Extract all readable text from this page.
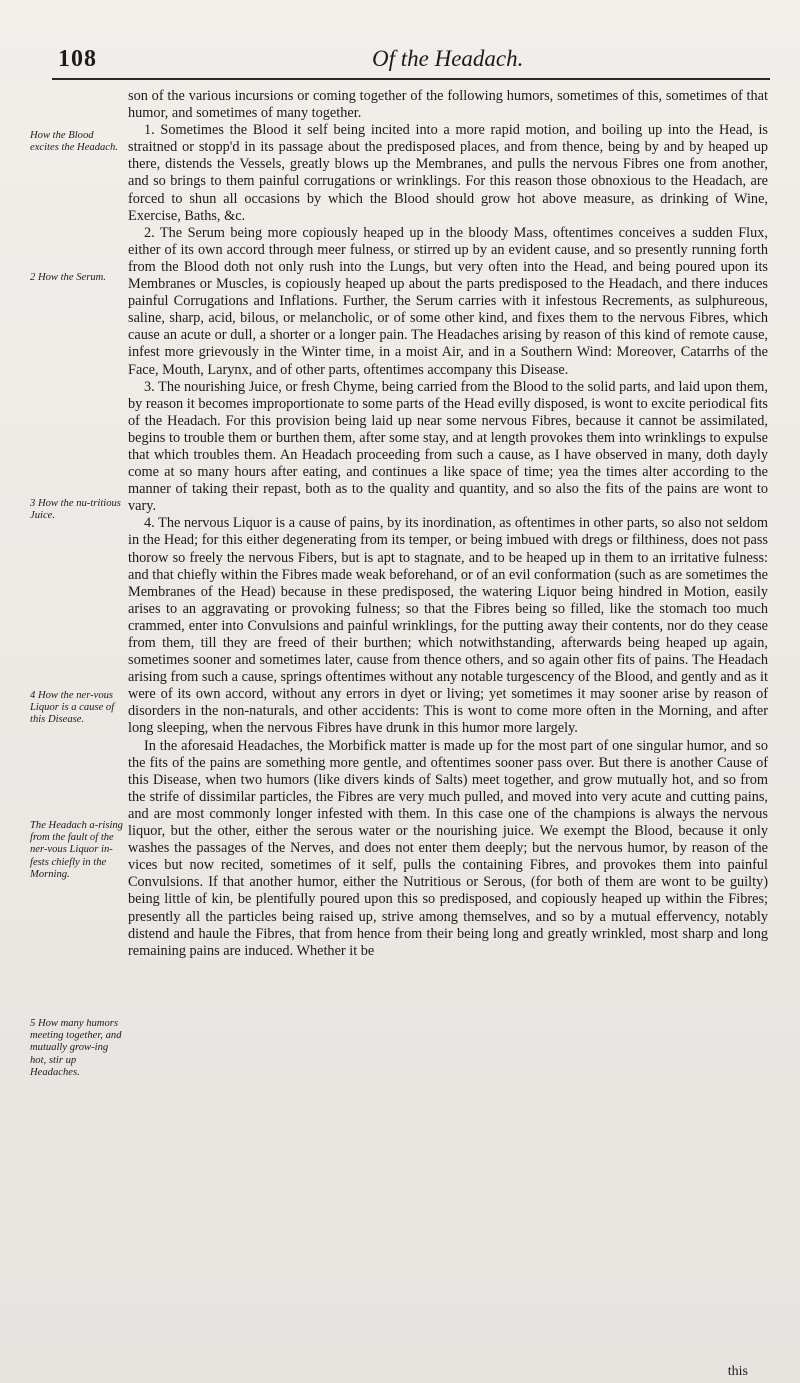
108	Of the Headach.
How the Blood excites the Headach.
2 How the Serum.
3 How the nu-tritious Juice.
4 How the ner-vous Liquor is a cause of this Disease.
The Headach a-rising from the fault of the ner-vous Liquor in-fests chiefly in the Morning.
5 How many humors meeting together, and mutually grow-ing hot, stir up Headaches.

son of the various incursions or coming together of the following humors, sometimes of this, sometimes of that humor, and sometimes of many together.

1. Sometimes the Blood it self being incited into a more rapid motion, and boiling up into the Head, is straitned or stopp'd in its passage about the predisposed places, and from thence, being by and by heaped up there, distends the Vessels, greatly blows up the Membranes, and pulls the nervous Fibres one from another, and so brings to them painful corrugations or wrinklings. For this reason those obnoxious to the Headach, are forced to shun all occasions by which the Blood should grow hot above measure, as drinking of Wine, Exercise, Baths, &c.

2. The Serum being more copiously heaped up in the bloody Mass, oftentimes conceives a sudden Flux, either of its own accord through meer fulness, or stirred up by an evident cause, and so presently running forth from the Blood doth not only rush into the Lungs, but very often into the Head, and being poured upon its Membranes or Muscles, is copiously heaped up about the parts predisposed to the Headach, and there induces painful Corrugations and Inflations. Further, the Serum carries with it infestous Recrements, as sulphureous, saline, sharp, acid, bilous, or melancholic, or of some other kind, and fixes them to the nervous Fibres, which cause an acute or dull, a shorter or a longer pain. The Headaches arising by reason of this kind of remote cause, infest more grievously in the Winter time, in a moist Air, and in a Southern Wind: Moreover, Catarrhs of the Face, Mouth, Larynx, and of other parts, oftentimes accompany this Disease.

3. The nourishing Juice, or fresh Chyme, being carried from the Blood to the solid parts, and laid upon them, by reason it becomes improportionate to some parts of the Head evilly disposed, is wont to excite periodical fits of the Headach. For this provision being laid up near some nervous Fibres, because it cannot be assimilated, begins to trouble them or burthen them, after some stay, and at length provokes them into wrinklings to expulse that which troubles them. An Headach proceeding from such a cause, as I have observed in many, doth dayly come at so many hours after eating, and continues a like space of time; yea the times alter according to the manner of taking their repast, both as to the quality and quantity, and so also the fits of the pains are wont to vary.

4. The nervous Liquor is a cause of pains, by its inordination, as oftentimes in other parts, so also not seldom in the Head; for this either degenerating from its temper, or being imbued with dregs or filthiness, does not pass thorow so freely the nervous Fibers, but is apt to stagnate, and to be heaped up in them to an irritative fulness: and that chiefly within the Fibres made weak beforehand, or of an evil conformation (such as are sometimes the Membranes of the Head) because in these predisposed, the watering Liquor being hindred in Motion, easily arises to an aggravating or provoking fulness; so that the Fibres being so filled, like the stomach too much crammed, enter into Convulsions and painful wrinklings, for the putting away their contents, nor do they cease from them, till they are freed of their burthen; which notwithstanding, afterwards being heaped up again, sometimes sooner and sometimes later, cause from thence others, and so again other fits of pains. The Headach arising from such a cause, springs oftentimes without any notable turgescency of the Blood, and gently and as it were of its own accord, without any errors in dyet or living; yet sometimes it may sooner arise by reason of disorders in the non-naturals, and other accidents: This is wont to come more often in the Morning, and after long sleeping, when the nervous Fibres have drunk in this humor more largely.

In the aforesaid Headaches, the Morbifick matter is made up for the most part of one singular humor, and so the fits of the pains are something more gentle, and oftentimes sooner pass over. But there is another Cause of this Disease, when two humors (like divers kinds of Salts) meet together, and grow mutually hot, and so from the strife of dissimilar particles, the Fibres are very much pulled, and moved into very acute and cutting pains, and are most commonly longer infested with them. In this case one of the champions is always the nervous liquor, but the other, either the serous water or the nourishing juice. We exempt the Blood, because it only washes the passages of the Nerves, and does not enter them deeply; but the nervous humor, by reason of the vices but now recited, sometimes of it self, pulls the containing Fibres, and provokes them into painful Convulsions. If that another humor, either the Nutritious or Serous, (for both of them are wont to be guilty) being little of kin, be plentifully poured upon this so predisposed, and copiously heaped up within the Fibres; presently all the particles being raised up, strive among themselves, and so by a mutual effervency, notably distend and haule the Fibres, that from hence from their being long and greatly wrinkled, most sharp and long remaining pains are induced. Whether it be

this
